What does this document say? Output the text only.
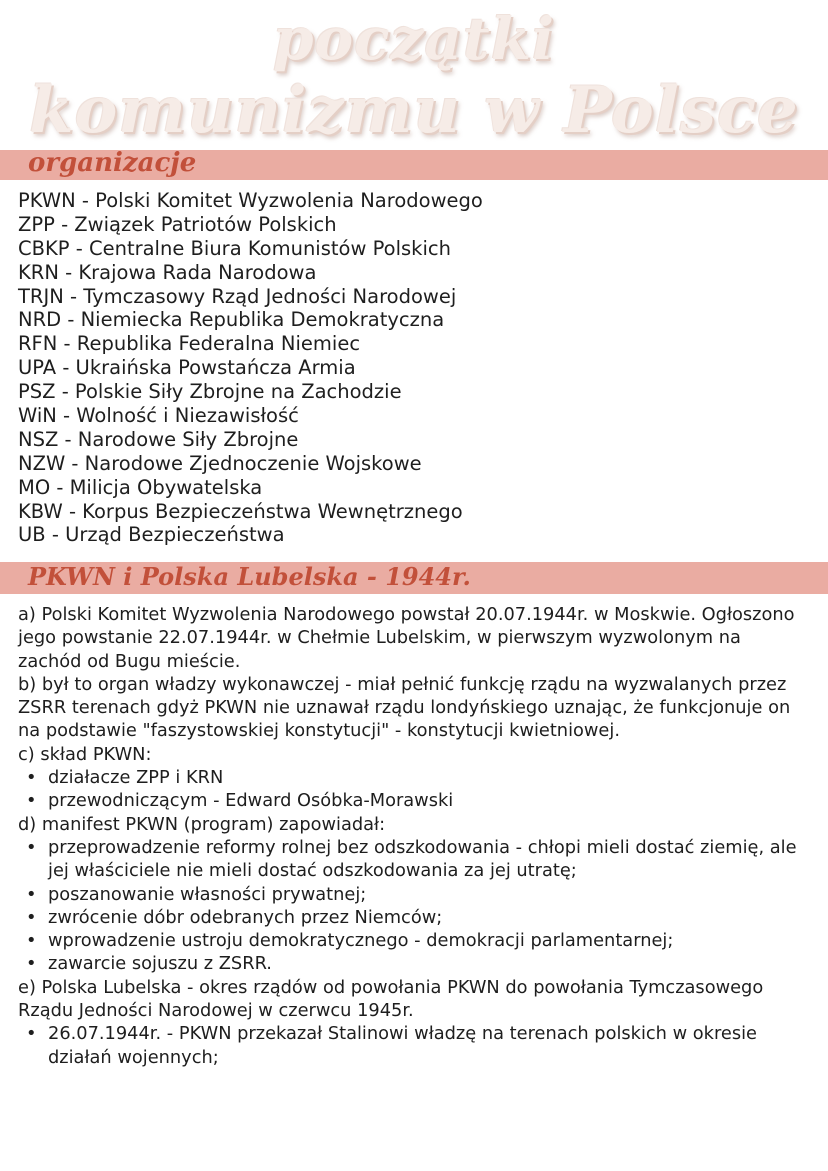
początki
komunizmu w Polsce
organizacje
PKWN - Polski Komitet Wyzwolenia Narodowego
ZPP - Związek Patriotów Polskich
CBKP - Centralne Biura Komunistów Polskich
KRN - Krajowa Rada Narodowa
TRJN - Tymczasowy Rząd Jedności Narodowej
NRD - Niemiecka Republika Demokratyczna
RFN - Republika Federalna Niemiec
UPA - Ukraińska Powstańcza Armia
PSZ - Polskie Siły Zbrojne na Zachodzie
WiN - Wolność i Niezawisłość
NSZ - Narodowe Siły Zbrojne
NZW - Narodowe Zjednoczenie Wojskowe
MO - Milicja Obywatelska
KBW - Korpus Bezpieczeństwa Wewnętrznego
UB - Urząd Bezpieczeństwa
PKWN i Polska Lubelska - 1944r.

a) Polski Komitet Wyzwolenia Narodowego powstał 20.07.1944r. w Moskwie. Ogłoszono jego powstanie 22.07.1944r. w Chełmie Lubelskim, w pierwszym wyzwolonym na zachód od Bugu mieście.

b) był to organ władzy wykonawczej - miał pełnić funkcję rządu na wyzwalanych przez ZSRR terenach gdyż PKWN nie uznawał rządu londyńskiego uznając, że funkcjonuje on na podstawie "faszystowskiej konstytucji" - konstytucji kwietniowej.

c) skład PKWN:

• działacze ZPP i KRN
• przewodniczącym - Edward Osóbka-Morawski

d) manifest PKWN (program) zapowiadał:

• przeprowadzenie reformy rolnej bez odszkodowania - chłopi mieli dostać ziemię, ale jej właściciele nie mieli dostać odszkodowania za jej utratę;
• poszanowanie własności prywatnej;
• zwrócenie dóbr odebranych przez Niemców;
• wprowadzenie ustroju demokratycznego - demokracji parlamentarnej;
• zawarcie sojuszu z ZSRR.

e) Polska Lubelska - okres rządów od powołania PKWN do powołania Tymczasowego Rządu Jedności Narodowej w czerwcu 1945r.

• 26.07.1944r. - PKWN przekazał Stalinowi władzę na terenach polskich w okresie działań wojennych;
